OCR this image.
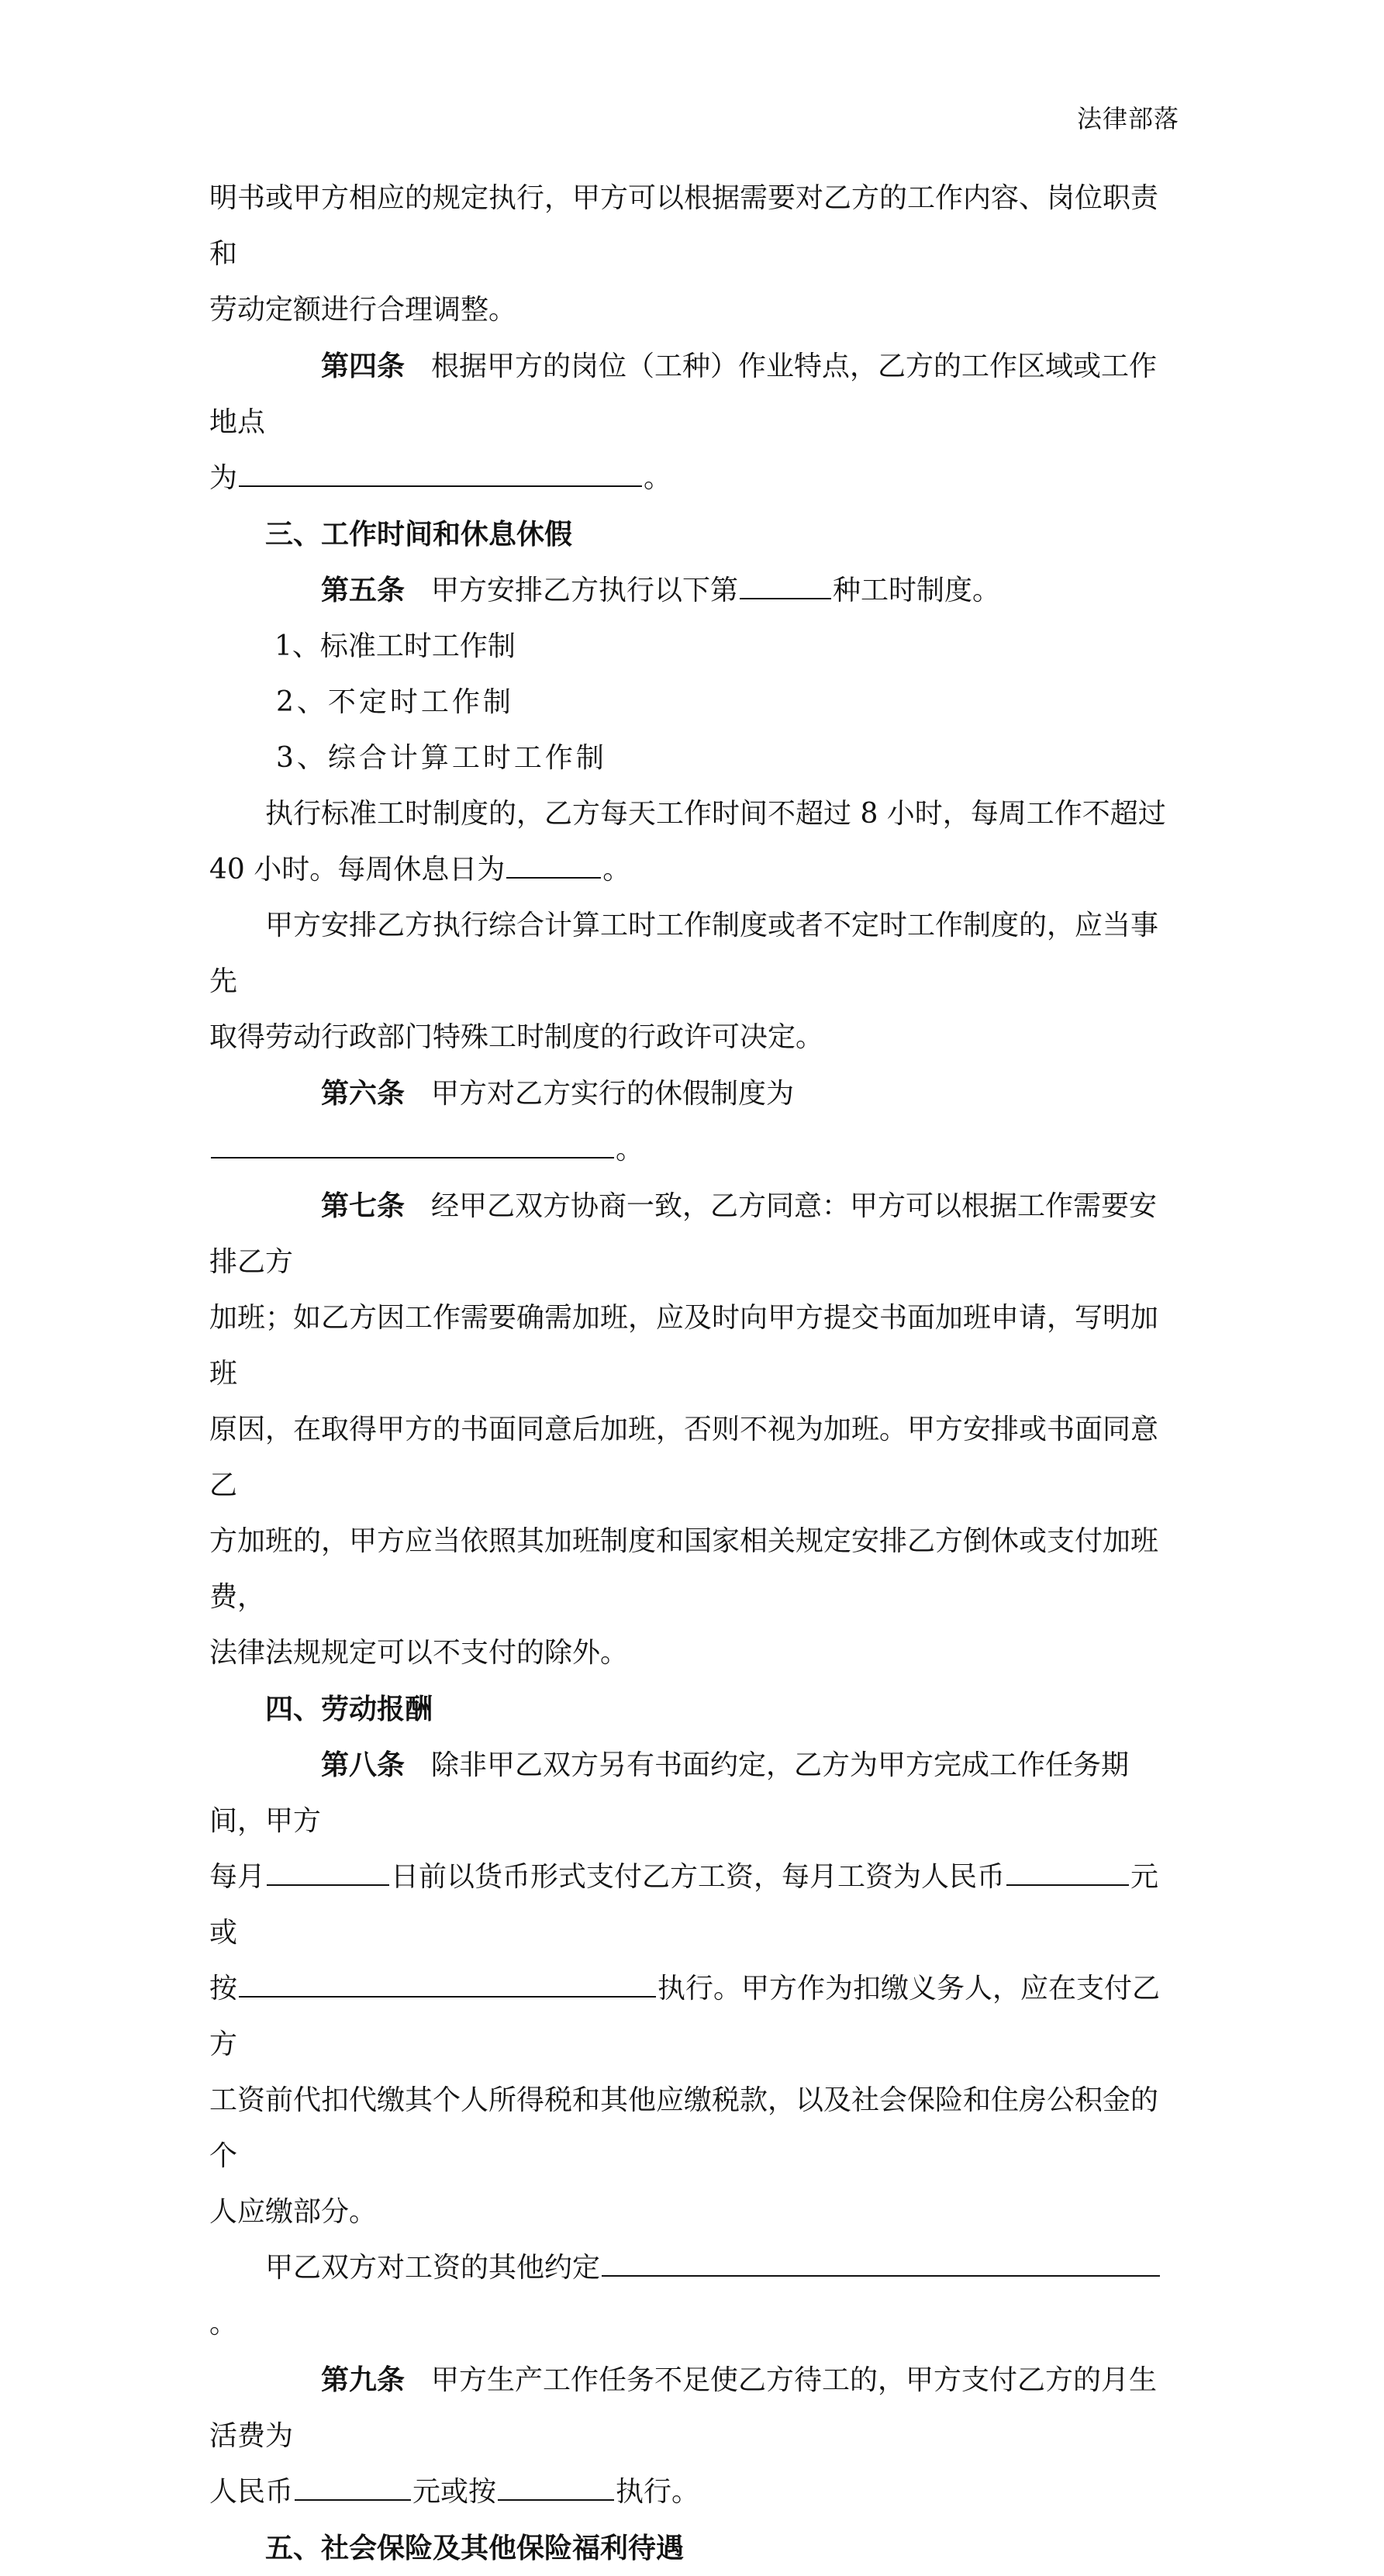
法律部落

明书或甲方相应的规定执行，甲方可以根据需要对乙方的工作内容、岗位职责和

劳动定额进行合理调整。

第四条 根据甲方的岗位（工种）作业特点，乙方的工作区域或工作地点

为	。

三、工作时间和休息休假

第五条 甲方安排乙方执行以下第	种工时制度。

1、标准工时工作制

2、不定时工作制

3、综合计算工时工作制

执行标准工时制度的，乙方每天工作时间不超过 8 小时，每周工作不超过

40 小时。每周休息日为	。

甲方安排乙方执行综合计算工时工作制度或者不定时工作制度的，应当事先

取得劳动行政部门特殊工时制度的行政许可决定。

第六条 甲方对乙方实行的休假制度为。

第七条 经甲乙双方协商一致，乙方同意：甲方可以根据工作需要安排乙方

加班；如乙方因工作需要确需加班，应及时向甲方提交书面加班申请，写明加班

原因，在取得甲方的书面同意后加班，否则不视为加班。甲方安排或书面同意乙

方加班的，甲方应当依照其加班制度和国家相关规定安排乙方倒休或支付加班费，

法律法规规定可以不支付的除外。

四、劳动报酬

第八条 除非甲乙双方另有书面约定，乙方为甲方完成工作任务期间，甲方

每月	日前以货币形式支付乙方工资，每月工资为人民币	元或

按	执行。甲方作为扣缴义务人，应在支付乙方

工资前代扣代缴其个人所得税和其他应缴税款，以及社会保险和住房公积金的个

人应缴部分。

甲乙双方对工资的其他约定。

第九条 甲方生产工作任务不足使乙方待工的，甲方支付乙方的月生活费为

人民币	元或按	执行。

五、社会保险及其他保险福利待遇
